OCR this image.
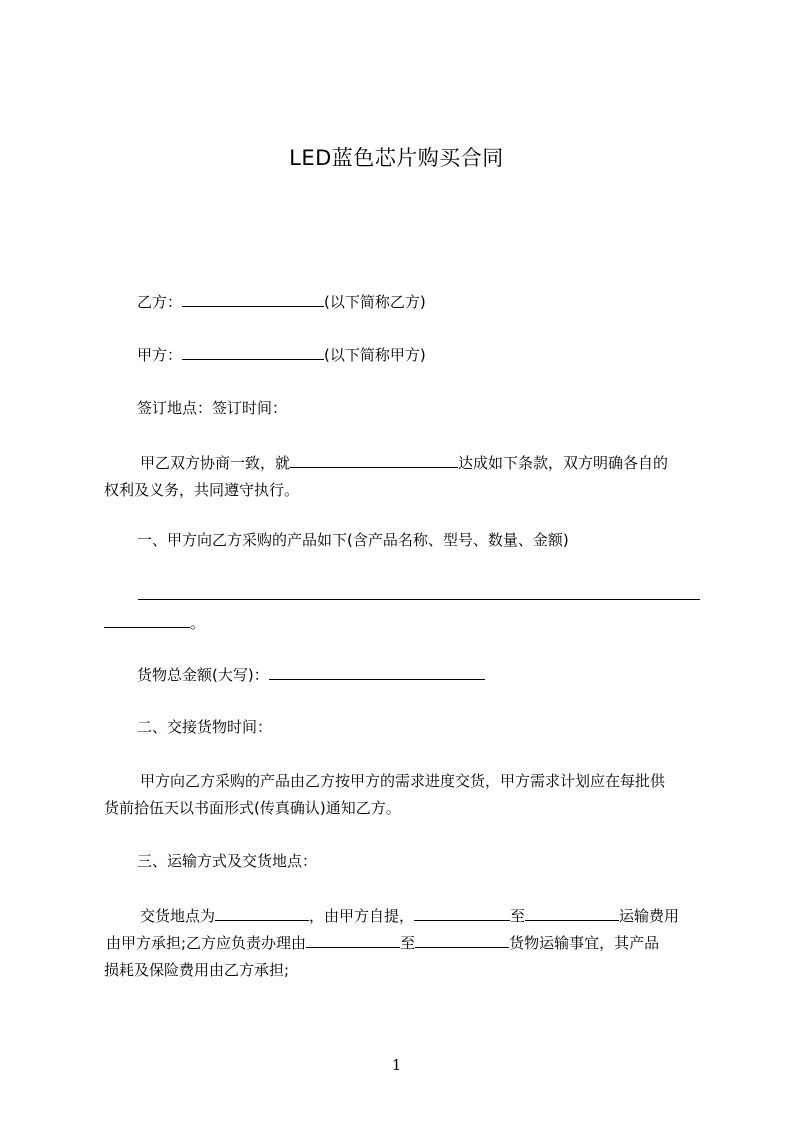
LED蓝色芯片购买合同
乙方：	(以下简称乙方)
甲方：	(以下简称甲方)
签订地点：签订时间：
甲乙双方协商一致，就	达成如下条款，双方明确各自的
权利及义务，共同遵守执行。
一、甲方向乙方采购的产品如下(含产品名称、型号、数量、金额)
。
货物总金额(大写)：
二、交接货物时间：
甲方向乙方采购的产品由乙方按甲方的需求进度交货，甲方需求计划应在每批供
货前拾伍天以书面形式(传真确认)通知乙方。
三、运输方式及交货地点：
交货地点为	，由甲方自提，	至	运输费用
由甲方承担;乙方应负责办理由	至	货物运输事宜，其产品
损耗及保险费用由乙方承担;
1
